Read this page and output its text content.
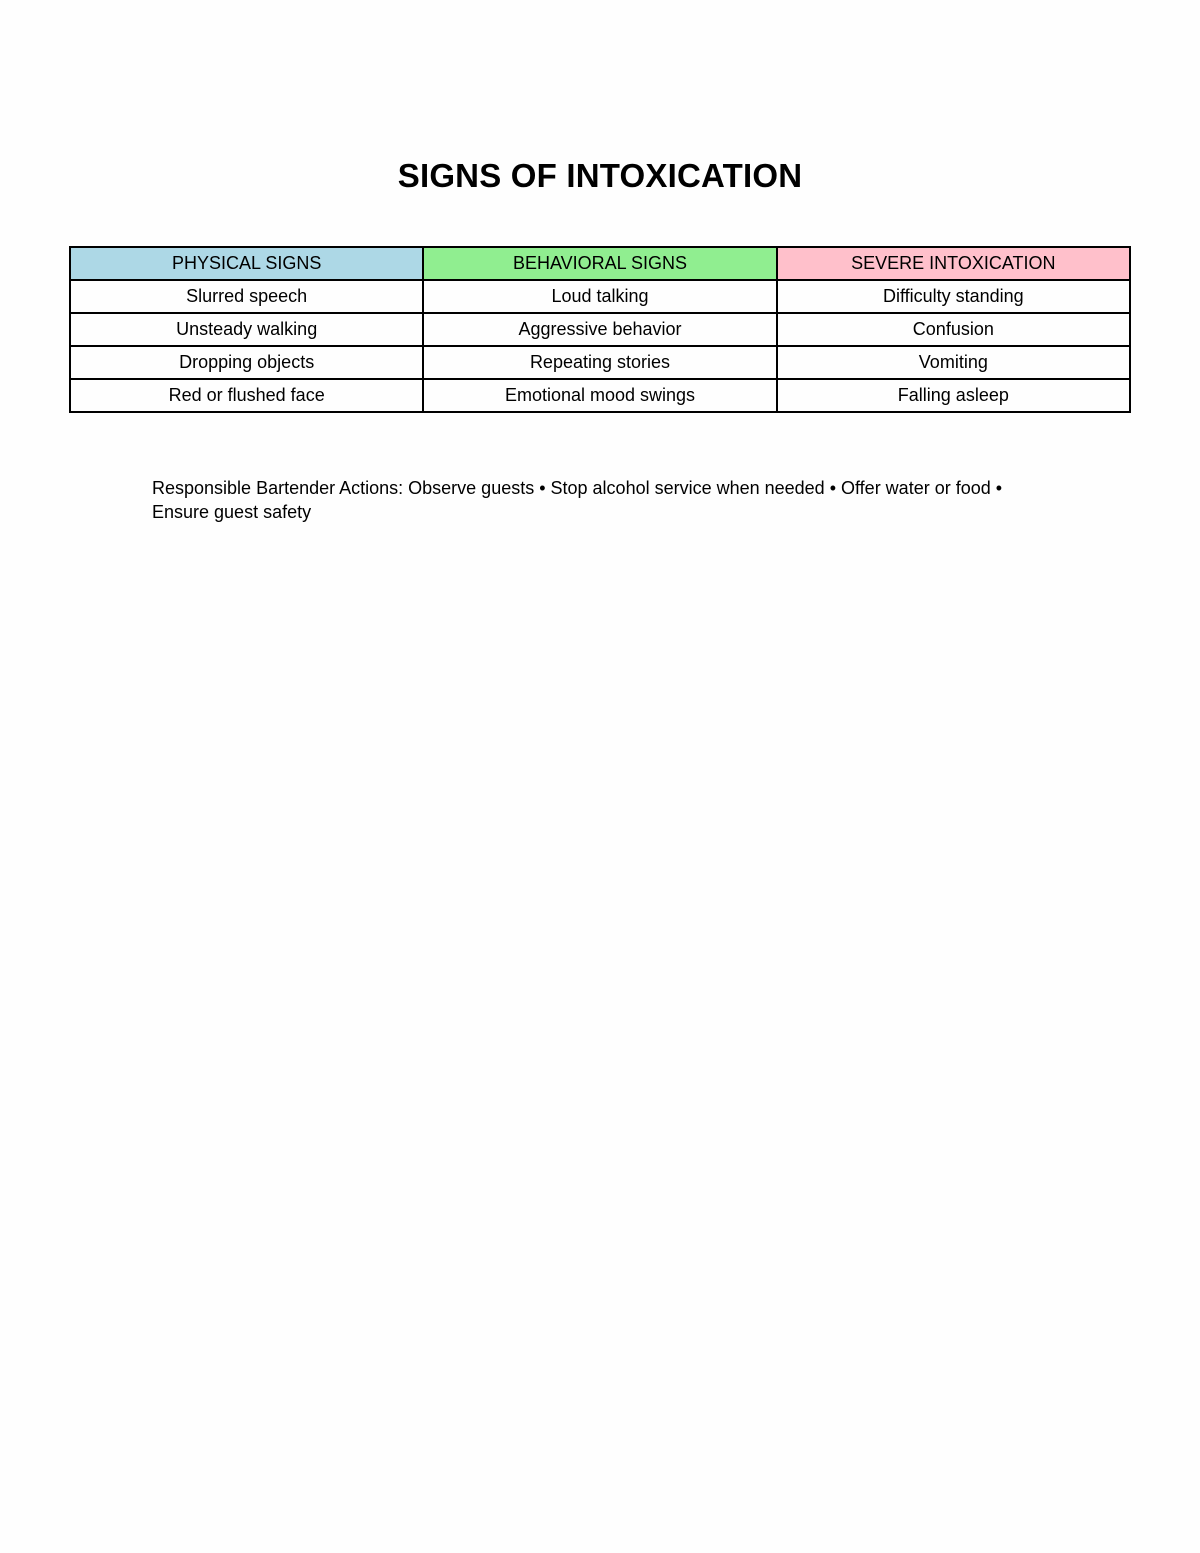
SIGNS OF INTOXICATION
PHYSICAL SIGNS	BEHAVIORAL SIGNS	SEVERE INTOXICATION
Slurred speech	Loud talking	Difficulty standing
Unsteady walking	Aggressive behavior	Confusion
Dropping objects	Repeating stories	Vomiting
Red or flushed face	Emotional mood swings	Falling asleep

Responsible Bartender Actions: Observe guests • Stop alcohol service when needed • Offer water or food • Ensure guest safety
